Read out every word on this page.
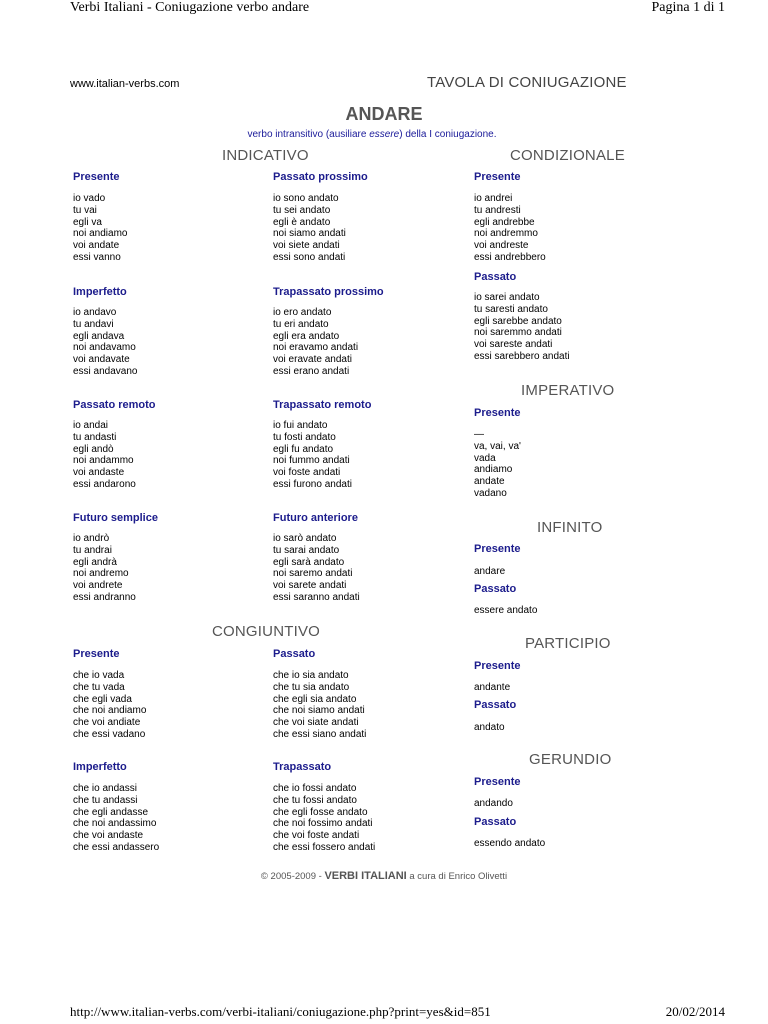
Verbi Italiani - Coniugazione verbo andare	Pagina 1 di 1
www.italian-verbs.com	TAVOLA DI CONIUGAZIONE
ANDARE
verbo intransitivo (ausiliare essere) della I coniugazione.
INDICATIVO	CONDIZIONALE
CONGIUNTIVO
IMPERATIVO
INFINITO
PARTICIPIO
GERUNDIO
Presente
io vado
tu vai
egli va
noi andiamo
voi andate
essi vanno
Passato prossimo
io sono andato
tu sei andato
egli è andato
noi siamo andati
voi siete andati
essi sono andati
Presente
io andrei
tu andresti
egli andrebbe
noi andremmo
voi andreste
essi andrebbero
Imperfetto
io andavo
tu andavi
egli andava
noi andavamo
voi andavate
essi andavano
Trapassato prossimo
io ero andato
tu eri andato
egli era andato
noi eravamo andati
voi eravate andati
essi erano andati
Passato
io sarei andato
tu saresti andato
egli sarebbe andato
noi saremmo andati
voi sareste andati
essi sarebbero andati
Passato remoto
io andai
tu andasti
egli andò
noi andammo
voi andaste
essi andarono
Trapassato remoto
io fui andato
tu fosti andato
egli fu andato
noi fummo andati
voi foste andati
essi furono andati
Presente
—
va, vai, va'
vada
andiamo
andate
vadano
Futuro semplice
io andrò
tu andrai
egli andrà
noi andremo
voi andrete
essi andranno
Futuro anteriore
io sarò andato
tu sarai andato
egli sarà andato
noi saremo andati
voi sarete andati
essi saranno andati
Presente
andare
Passato
essere andato
Presente
che io vada
che tu vada
che egli vada
che noi andiamo
che voi andiate
che essi vadano
Passato
che io sia andato
che tu sia andato
che egli sia andato
che noi siamo andati
che voi siate andati
che essi siano andati
Presente
andante
Passato
andato
Imperfetto
che io andassi
che tu andassi
che egli andasse
che noi andassimo
che voi andaste
che essi andassero
Trapassato
che io fossi andato
che tu fossi andato
che egli fosse andato
che noi fossimo andati
che voi foste andati
che essi fossero andati
Presente
andando
Passato
essendo andato
© 2005-2009 - VERBI ITALIANI a cura di Enrico Olivetti
http://www.italian-verbs.com/verbi-italiani/coniugazione.php?print=yes&id=851	20/02/2014
